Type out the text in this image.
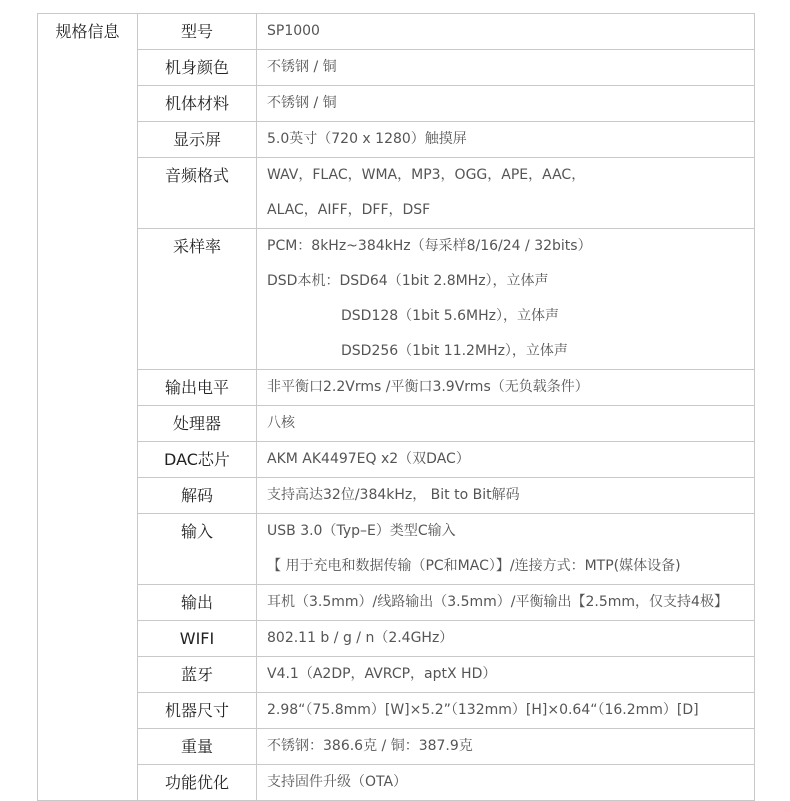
规格信息	型号	SP1000

	机身颜色	不锈钢 / 铜

	机体材料	不锈钢 / 铜

	显示屏	5.0英寸（720 x 1280）触摸屏

	音频格式	WAV，FLAC，WMA，MP3，OGG，APE，AAC，
ALAC，AIFF，DFF，DSF

	采样率	PCM：8kHz~384kHz（每采样8/16/24 / 32bits）
DSD本机：DSD64（1bit 2.8MHz），立体声
DSD128（1bit 5.6MHz），立体声
DSD256（1bit 11.2MHz），立体声

	输出电平	非平衡口2.2Vrms /平衡口3.9Vrms（无负载条件）

	处理器	八核

	DAC芯片	AKM AK4497EQ x2（双DAC）

	解码	支持高达32位/384kHz， Bit to Bit解码

	输入	USB 3.0（Typ–E）类型C输入
【 用于充电和数据传输（PC和MAC）】/连接方式：MTP(媒体设备)

	输出	耳机（3.5mm）/线路输出（3.5mm）/平衡输出【2.5mm，仅支持4极】

	WIFI	802.11 b / g / n（2.4GHz）

	蓝牙	V4.1（A2DP，AVRCP，aptX HD）

	机器尺寸	2.98“（75.8mm）[W]×5.2”（132mm）[H]×0.64“（16.2mm）[D]

	重量	不锈钢：386.6克 / 铜：387.9克

	功能优化	支持固件升级（OTA）
